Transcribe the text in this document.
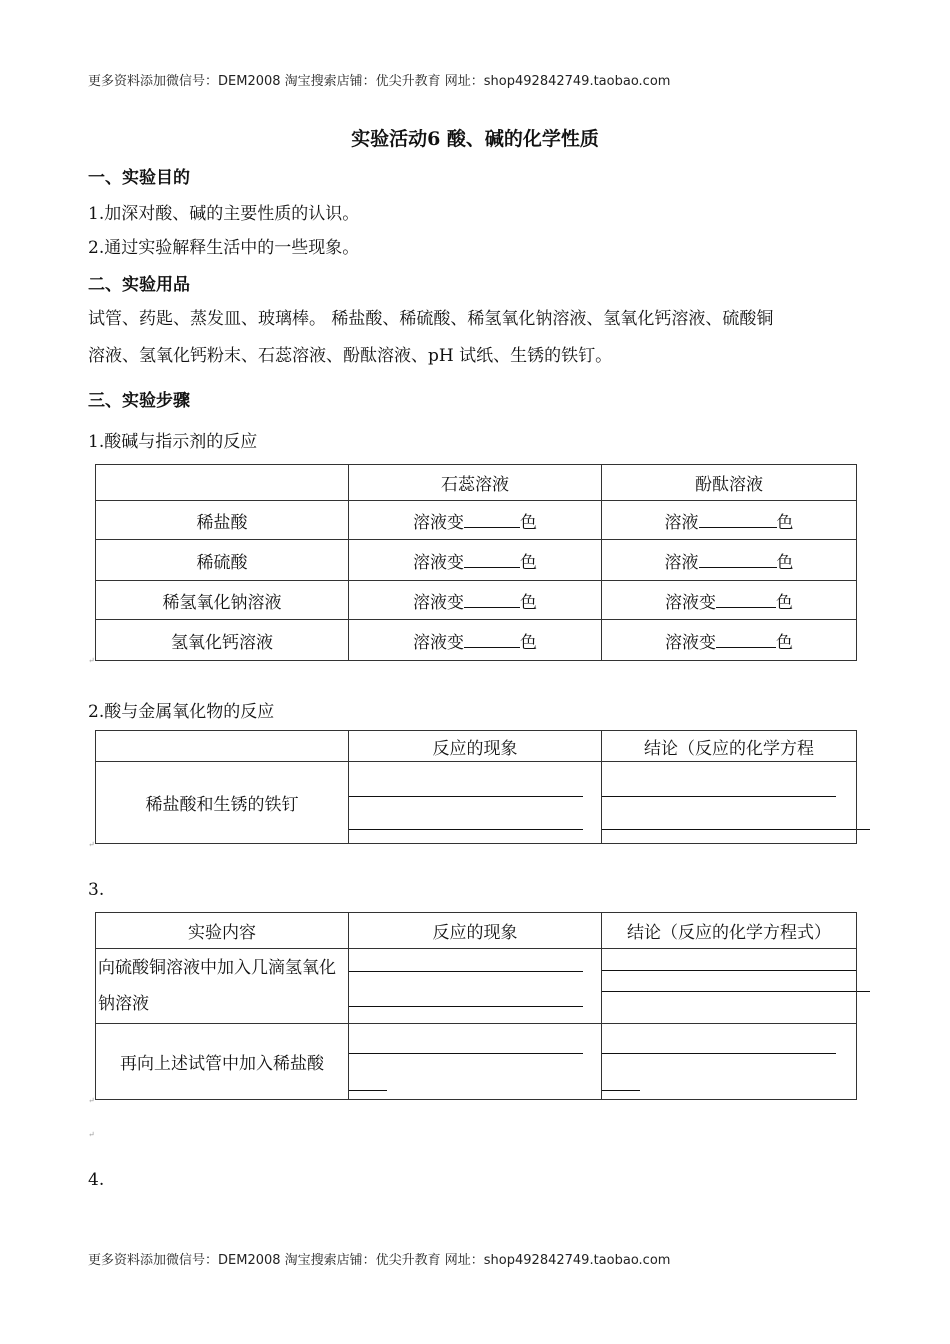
更多资料添加微信号：DEM2008 淘宝搜索店铺：优尖升教育 网址：shop492842749.taobao.com
实验活动6 酸、碱的化学性质
一、实验目的
1.加深对酸、碱的主要性质的认识。
2.通过实验解释生活中的一些现象。
二、实验用品
试管、药匙、蒸发皿、玻璃棒。 稀盐酸、稀硫酸、稀氢氧化钠溶液、氢氧化钙溶液、硫酸铜
溶液、氢氧化钙粉末、石蕊溶液、酚酞溶液、pH 试纸、生锈的铁钉。
三、实验步骤
1.酸碱与指示剂的反应
	石蕊溶液	酚酞溶液
稀盐酸	溶液变 色	溶液 色
稀硫酸	溶液变 色	溶液 色
稀氢氧化钠溶液	溶液变 色	溶液变 色
氢氧化钙溶液	溶液变 色	溶液变 色
↵
2.酸与金属氧化物的反应
	反应的现象	结论（反应的化学方程
稀盐酸和生锈的铁钉	

↵
3.
实验内容	反应的现象	结论（反应的化学方程式）
向硫酸铜溶液中加入几滴氢氧化钠溶液	

再向上述试管中加入稀盐酸	

↵
↵
4.
更多资料添加微信号：DEM2008 淘宝搜索店铺：优尖升教育 网址：shop492842749.taobao.com
